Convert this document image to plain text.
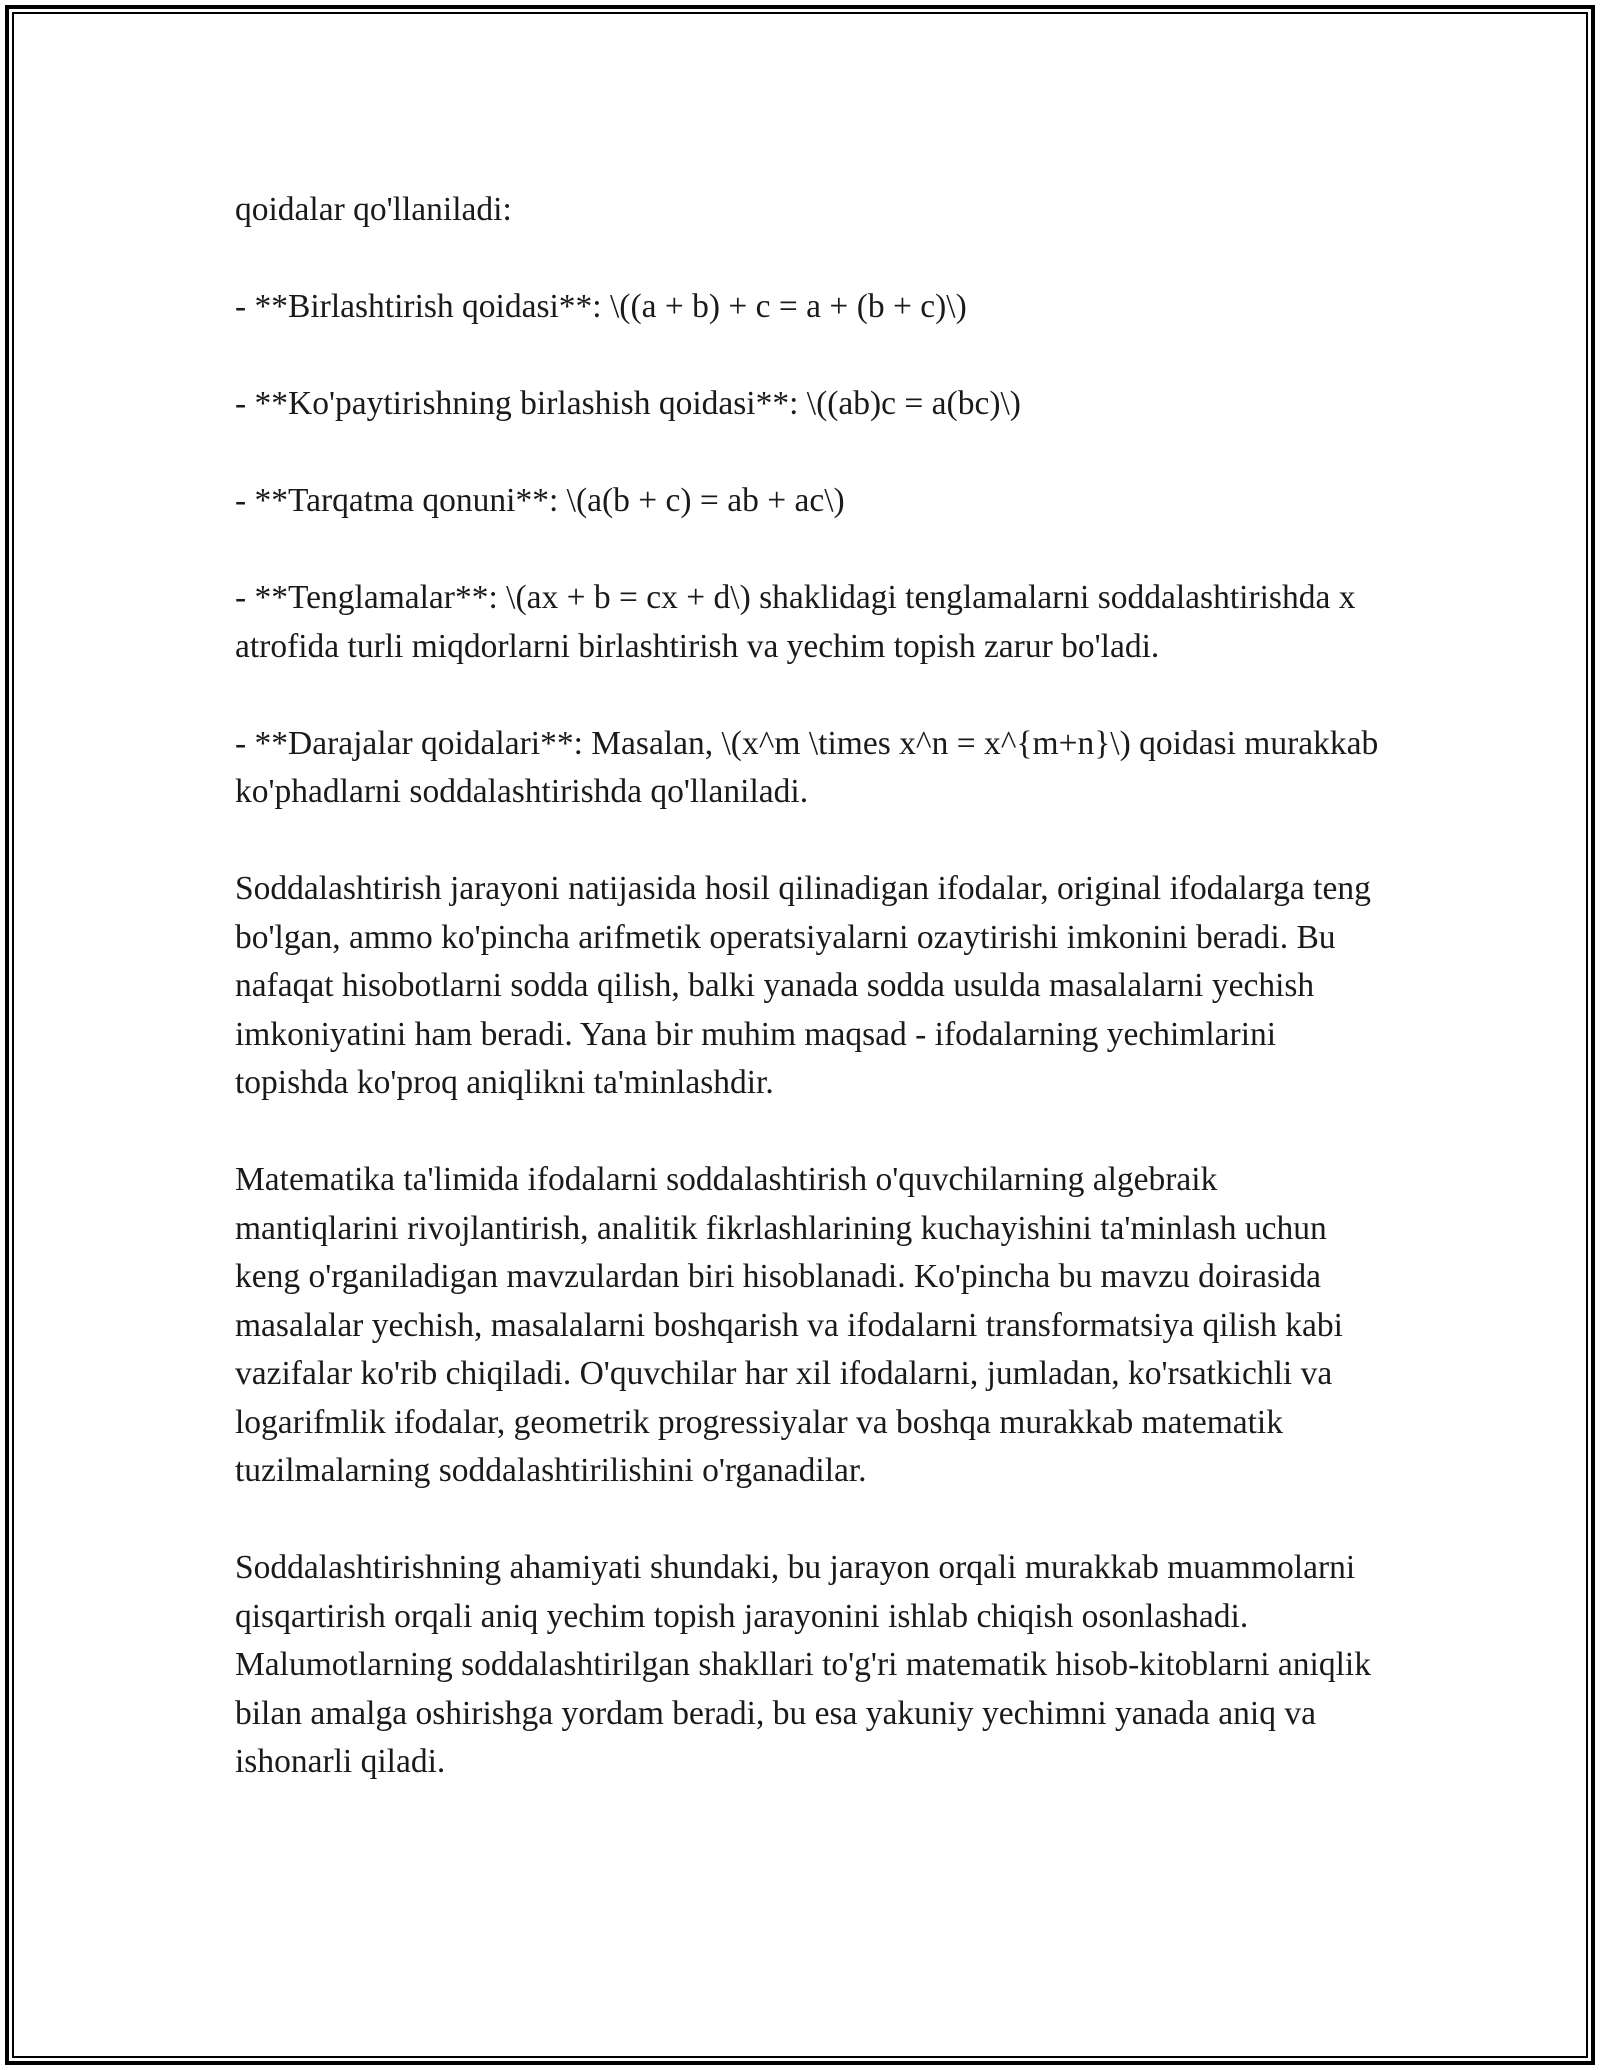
qoidalar qo'llaniladi:

- **Birlashtirish qoidasi**: \((a + b) + c = a + (b + c)\)

- **Ko'paytirishning birlashish qoidasi**: \((ab)c = a(bc)\)

- **Tarqatma qonuni**: \(a(b + c) = ab + ac\)

- **Tenglamalar**: \(ax + b = cx + d\) shaklidagi tenglamalarni soddalashtirishda x atrofida turli miqdorlarni birlashtirish va yechim topish zarur bo'ladi.

- **Darajalar qoidalari**: Masalan, \(x^m \times x^n = x^{m+n}\) qoidasi murakkab ko'phadlarni soddalashtirishda qo'llaniladi.

Soddalashtirish jarayoni natijasida hosil qilinadigan ifodalar, original ifodalarga teng bo'lgan, ammo ko'pincha arifmetik operatsiyalarni ozaytirishi imkonini beradi. Bu nafaqat hisobotlarni sodda qilish, balki yanada sodda usulda masalalarni yechish imkoniyatini ham beradi. Yana bir muhim maqsad - ifodalarning yechimlarini topishda ko'proq aniqlikni ta'minlashdir.

Matematika ta'limida ifodalarni soddalashtirish o'quvchilarning algebraik mantiqlarini rivojlantirish, analitik fikrlashlarining kuchayishini ta'minlash uchun keng o'rganiladigan mavzulardan biri hisoblanadi. Ko'pincha bu mavzu doirasida masalalar yechish, masalalarni boshqarish va ifodalarni transformatsiya qilish kabi vazifalar ko'rib chiqiladi. O'quvchilar har xil ifodalarni, jumladan, ko'rsatkichli va logarifmlik ifodalar, geometrik progressiyalar va boshqa murakkab matematik tuzilmalarning soddalashtirilishini o'rganadilar.

Soddalashtirishning ahamiyati shundaki, bu jarayon orqali murakkab muammolarni qisqartirish orqali aniq yechim topish jarayonini ishlab chiqish osonlashadi. Malumotlarning soddalashtirilgan shakllari to'g'ri matematik hisob-kitoblarni aniqlik bilan amalga oshirishga yordam beradi, bu esa yakuniy yechimni yanada aniq va ishonarli qiladi.
